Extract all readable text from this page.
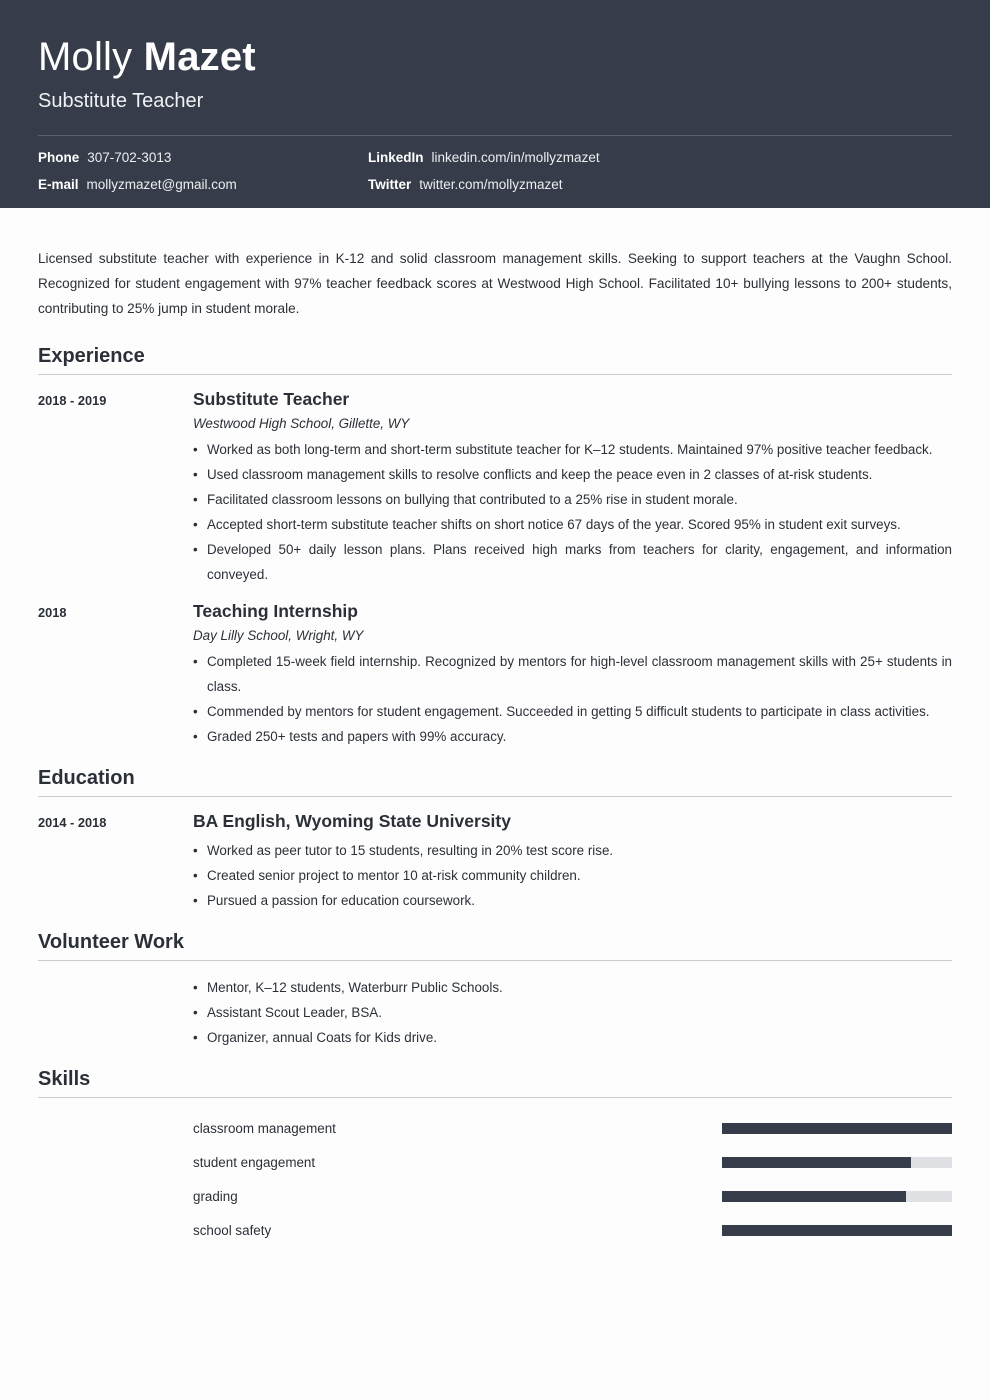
Molly Mazet
Substitute Teacher
Phone 307-702-3013	LinkedIn linkedin.com/in/mollyzmazet
E-mail mollyzmazet@gmail.com	Twitter twitter.com/mollyzmazet

Licensed substitute teacher with experience in K-12 and solid classroom management skills. Seeking to support teachers at the Vaughn School. Recognized for student engagement with 97% teacher feedback scores at Westwood High School. Facilitated 10+ bullying lessons to 200+ students, contributing to 25% jump in student morale.

Experience
2018 - 2019	Substitute Teacher

Westwood High School, Gillette, WY

• Worked as both long-term and short-term substitute teacher for K–12 students. Maintained 97% positive teacher feedback.
• Used classroom management skills to resolve conflicts and keep the peace even in 2 classes of at-risk students.
• Facilitated classroom lessons on bullying that contributed to a 25% rise in student morale.
• Accepted short-term substitute teacher shifts on short notice 67 days of the year. Scored 95% in student exit surveys.
• Developed 50+ daily lesson plans. Plans received high marks from teachers for clarity, engagement, and information conveyed.
2018	Teaching Internship

Day Lilly School, Wright, WY

• Completed 15-week field internship. Recognized by mentors for high-level classroom management skills with 25+ students in class.
• Commended by mentors for student engagement. Succeeded in getting 5 difficult students to participate in class activities.
• Graded 250+ tests and papers with 99% accuracy.
Education
2014 - 2018	BA English, Wyoming State University
• Worked as peer tutor to 15 students, resulting in 20% test score rise.
• Created senior project to mentor 10 at-risk community children.
• Pursued a passion for education coursework.
Volunteer Work
• Mentor, K–12 students, Waterburr Public Schools.
• Assistant Scout Leader, BSA.
• Organizer, annual Coats for Kids drive.
Skills
classroom management
student engagement
grading
school safety
